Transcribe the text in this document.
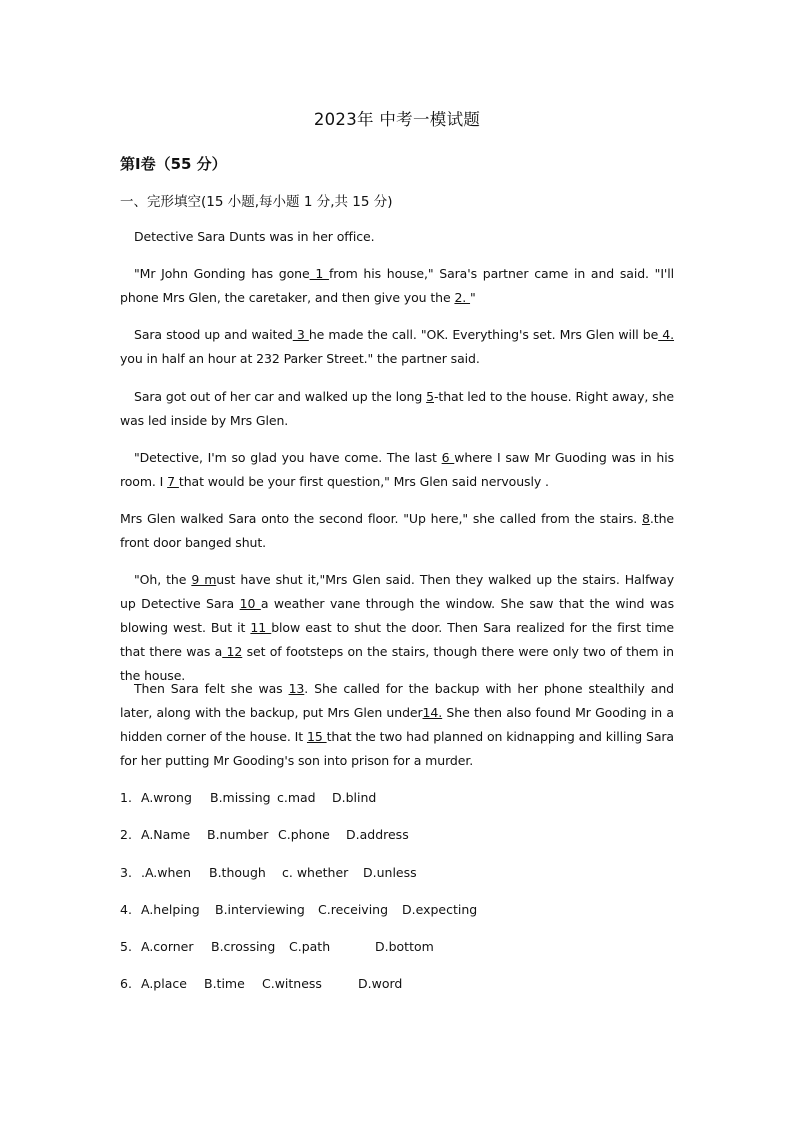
2023年 中考一模试题
第Ⅰ卷（55 分）
一、完形填空(15 小题,每小题 1 分,共 15 分)

Detective Sara Dunts was in her office.

"Mr John Gonding has gone 1 from his house," Sara's partner came in and said. "I'll phone Mrs Glen, the caretaker, and then give you the 2. "

Sara stood up and waited 3 he made the call. "OK. Everything's set. Mrs Glen will be 4. you in half an hour at 232 Parker Street." the partner said.

Sara got out of her car and walked up the long 5-that led to the house. Right away, she was led inside by Mrs Glen.

"Detective, I'm so glad you have come. The last 6 where I saw Mr Guoding was in his room. I 7 that would be your first question," Mrs Glen said nervously .

Mrs Glen walked Sara onto the second floor. "Up here," she called from the stairs. 8.the front door banged shut.

"Oh, the 9 must have shut it,"Mrs Glen said. Then they walked up the stairs. Halfway up Detective Sara 10 a weather vane through the window. She saw that the wind was blowing west. But it 11 blow east to shut the door. Then Sara realized for the first time that there was a 12 set of footsteps on the stairs, though there were only two of them in the house.

Then Sara felt she was 13. She called for the backup with her phone stealthily and later, along with the backup, put Mrs Glen under14. She then also found Mr Gooding in a hidden corner of the house. It 15 that the two had planned on kidnapping and killing Sara for her putting Mr Gooding's son into prison for a murder.

1. A.wrong B.missing c.mad D.blind
2. A.Name B.number C.phone D.address
3. .A.when B.though c. whether D.unless
4. A.helping B.interviewing C.receiving D.expecting
5. A.corner B.crossing C.path	D.bottom
6. A.place B.time C.witness	D.word
